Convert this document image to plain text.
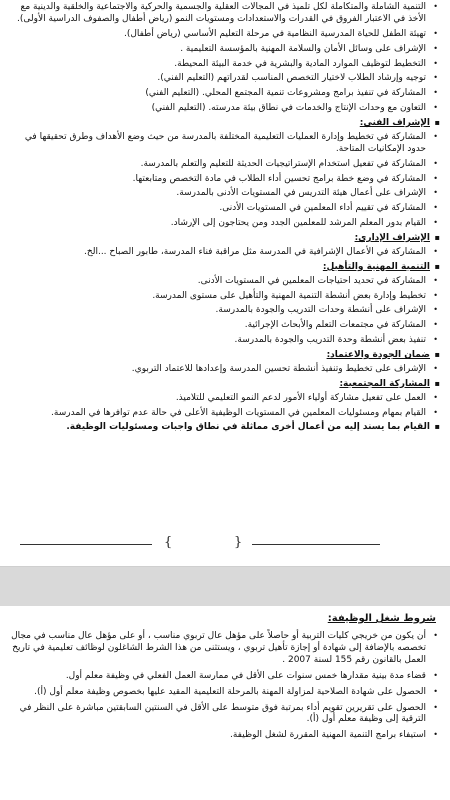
• التنمية الشاملة والمتكاملة لكل تلميذ في المجالات العقلية والجسمية والحركية والاجتماعية والخلقية والدينية مع الأخذ في الاعتبار الفروق في القدرات والاستعدادات ومستويات النمو (رياض أطفال والصفوف الدراسية الأولى).
• تهيئة الطفل للحياة المدرسية النظامية في مرحلة التعليم الأساسي (رياض أطفال).
• الإشراف على وسائل الأمان والسلامة المهنية بالمؤسسة التعليمية .
• التخطيط لتوظيف الموارد المادية والبشرية في خدمة البيئة المحيطة.
• توجيه وإرشاد الطلاب لاختيار التخصص المناسب لقدراتهم (التعليم الفني).
• المشاركة في تنفيذ برامج ومشروعات تنمية المجتمع المحلي. (التعليم الفني)
• التعاون مع وحدات الإنتاج والخدمات في نطاق بيئة مدرسته. (التعليم الفني)
▪ الإشراف الفني:
• المشاركة في تخطيط وإدارة العمليات التعليمية المختلفة بالمدرسة من حيث وضع الأهداف وطرق تحقيقها في حدود الإمكانيات المتاحة.
• المشاركة في تفعيل استخدام الإستراتيجيات الحديثة للتعليم والتعلم بالمدرسة.
• المشاركة في وضع خطة برامج تحسين أداء الطلاب في مادة التخصص ومتابعتها.
• الإشراف على أعمال هيئة التدريس في المستويات الأدنى بالمدرسة.
• المشاركة في تقييم أداء المعلمين في المستويات الأدنى.
• القيام بدور المعلم المرشد للمعلمين الجدد ومن يحتاجون إلى الإرشاد.
▪ الإشراف الإداري:
• المشاركة في الأعمال الإشرافية في المدرسة مثل مراقبة فناء المدرسة، طابور الصباح ...الخ.
▪ التنمية المهنية والتأهيل:
• المشاركة في تحديد احتياجات المعلمين في المستويات الأدنى.
• تخطيط وإدارة بعض أنشطة التنمية المهنية والتأهيل على مستوى المدرسة.
• الإشراف على أنشطة وحدات التدريب والجودة بالمدرسة.
• المشاركة في مجتمعات التعلم والأبحاث الإجرائية.
• تنفيذ بعض أنشطة وحدة التدريب والجودة بالمدرسة.
▪ ضمان الجودة والاعتماد:
• الإشراف على تخطيط وتنفيذ أنشطة تحسين المدرسة وإعدادها للاعتماد التربوي.
▪ المشاركة المجتمعية:
• العمل على تفعيل مشاركة أولياء الأمور لدعم النمو التعليمي للتلاميذ.
• القيام بمهام ومسئوليات المعلمين في المستويات الوظيفية الأعلى في حالة عدم توافرها في المدرسة.
▪ القيام بما يسند إليه من أعمال أخرى مماثلة في نطاق واجبات ومسئوليات الوظيفة.
{	}
شروط شغل الوظيفة:
• أن يكون من خريجي كليات التربية أو حاصلاً على مؤهل عال تربوي مناسب ، أو على مؤهل عال مناسب في مجال تخصصه بالإضافة إلى شهادة أو إجازة تأهيل تربوي ، ويستثنى من هذا الشرط الشاغلون لوظائف تعليمية في تاريخ العمل بالقانون رقم 155 لسنة 2007 .
• قضاء مدة بينية مقدارها خمس سنوات على الأقل في ممارسة العمل الفعلي في وظيفة معلم أول.
• الحصول على شهادة الصلاحية لمزاولة المهنة بالمرحلة التعليمية المقيد عليها بخصوص وظيفة معلم أول (أ).
• الحصول على تقريرين تقويم أداء بمرتبة فوق متوسط على الأقل في السنتين السابقتين مباشرة على النظر في الترقية إلى وظيفة معلم أول (أ).
• استيفاء برامج التنمية المهنية المقررة لشغل الوظيفة.
